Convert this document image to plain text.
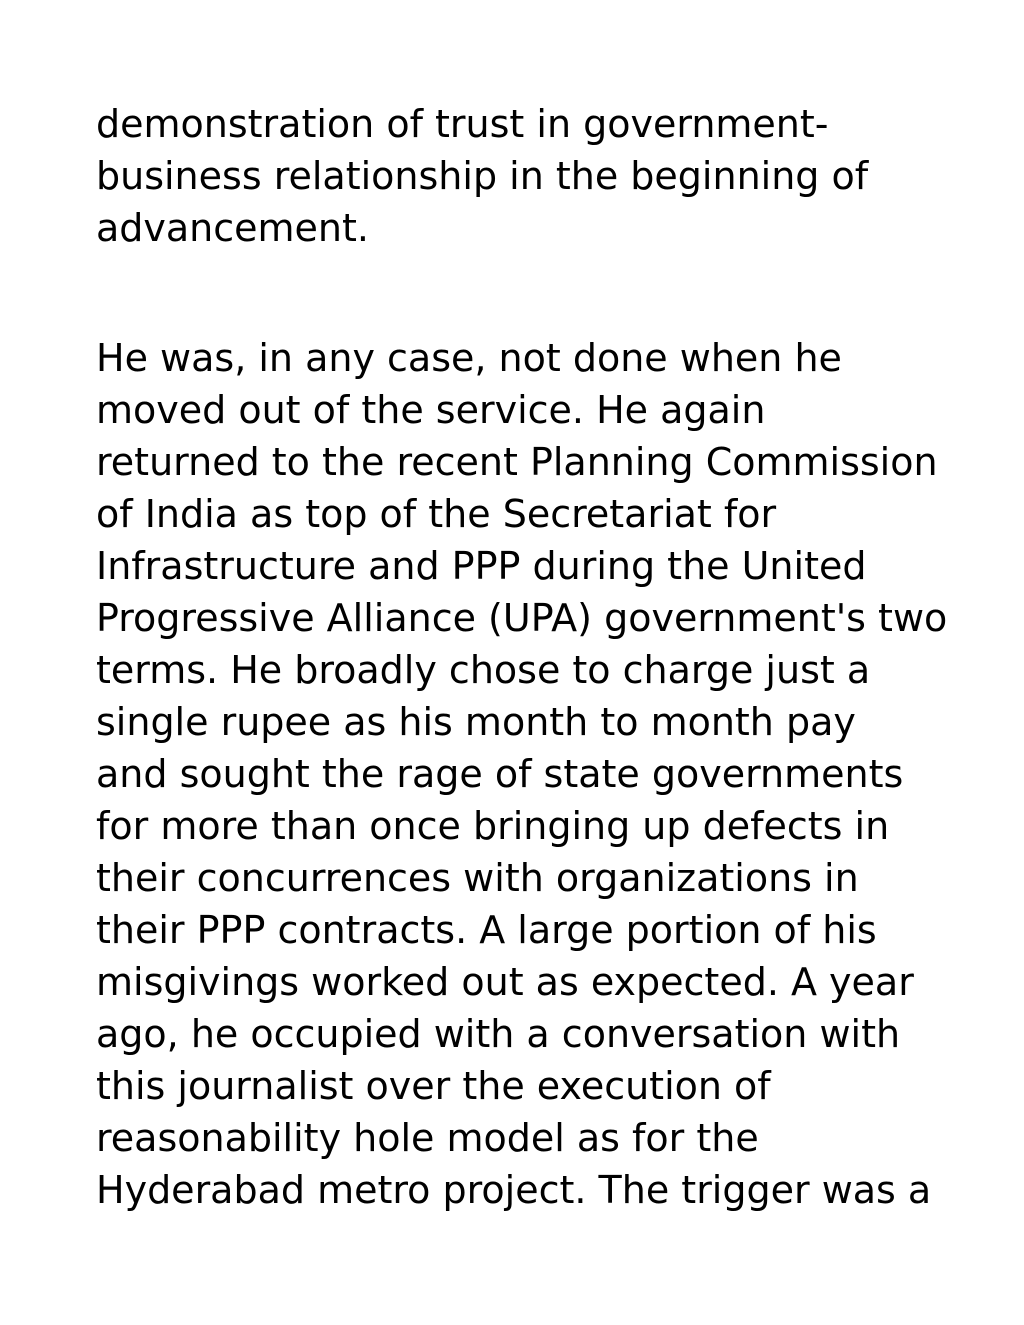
demonstration of trust in government-
business relationship in the beginning of
advancement.
He was, in any case, not done when he
moved out of the service. He again
returned to the recent Planning Commission
of India as top of the Secretariat for
Infrastructure and PPP during the United
Progressive Alliance (UPA) government's two
terms. He broadly chose to charge just a
single rupee as his month to month pay
and sought the rage of state governments
for more than once bringing up defects in
their concurrences with organizations in
their PPP contracts. A large portion of his
misgivings worked out as expected. A year
ago, he occupied with a conversation with
this journalist over the execution of
reasonability hole model as for the
Hyderabad metro project. The trigger was a
